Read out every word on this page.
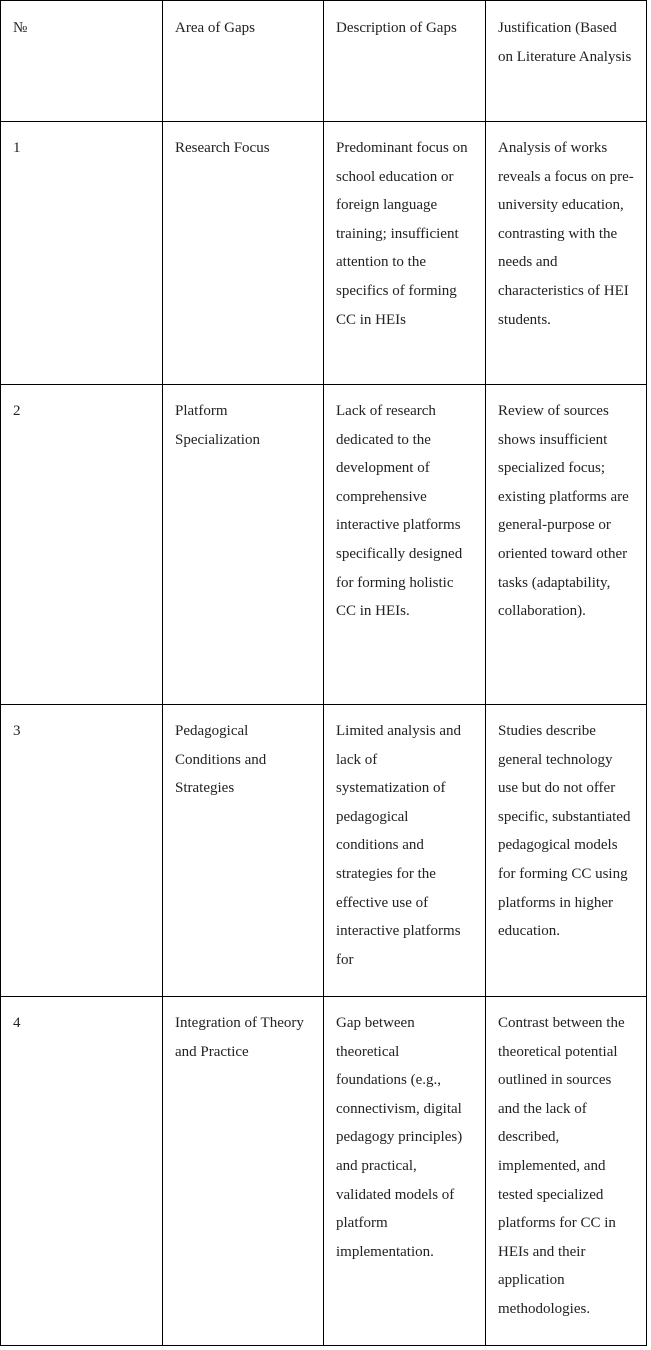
№	Area of Gaps	Description of Gaps	Justification (Based on Literature Analysis
1	Research Focus	Predominant focus on school education or foreign language training; insufficient attention to the specifics of forming CC in HEIs	Analysis of works reveals a focus on pre-university education, contrasting with the needs and characteristics of HEI students.
2	Platform Specialization	Lack of research dedicated to the development of comprehensive interactive platforms specifically designed for forming holistic CC in HEIs.	Review of sources shows insufficient specialized focus; existing platforms are general-purpose or oriented toward other tasks (adaptability, collaboration).
3	Pedagogical Conditions and Strategies	Limited analysis and lack of systematization of pedagogical conditions and strategies for the effective use of interactive platforms for	Studies describe general technology use but do not offer specific, substantiated pedagogical models for forming CC using platforms in higher education.
4	Integration of Theory and Practice	Gap between theoretical foundations (e.g., connectivism, digital pedagogy principles) and practical, validated models of platform implementation.	Contrast between the theoretical potential outlined in sources and the lack of described, implemented, and tested specialized platforms for CC in HEIs and their application methodologies.
